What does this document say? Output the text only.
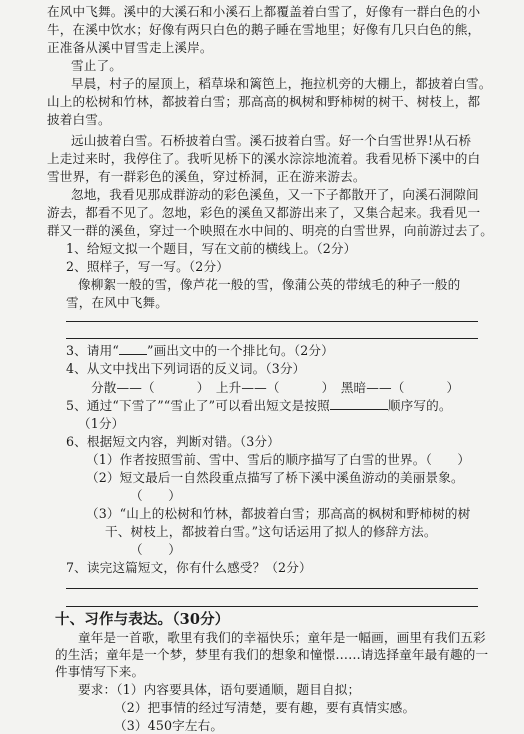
在风中飞舞。溪中的大溪石和小溪石上都覆盖着白雪了，好像有一群白色的小
牛，在溪中饮水；好像有两只白色的鹅子睡在雪地里；好像有几只白色的熊，
正准备从溪中冒雪走上溪岸。
雪止了。
早晨，村子的屋顶上，稻草垛和篱笆上，拖拉机旁的大棚上，都披着白雪。
山上的松树和竹林，都披着白雪；那高高的枫树和野柿树的树干、树枝上，都
披着白雪。
远山披着白雪。石桥披着白雪。溪石披着白雪。好一个白雪世界!从石桥
上走过来时，我停住了。我听见桥下的溪水淙淙地流着。我看见桥下溪中的白
雪世界，有一群彩色的溪鱼，穿过桥洞，正在游来游去。
忽地，我看见那成群游动的彩色溪鱼，又一下子都散开了，向溪石洞隙间
游去，都看不见了。忽地，彩色的溪鱼又都游出来了，又集合起来。我看见一
群又一群的溪鱼，穿过一个映照在水中间的、明亮的白雪世界，向前游过去了。
1、给短文拟一个题目，写在文前的横线上。（2分）
2、照样子，写一写。（2分）
像柳絮一般的雪，像芦花一般的雪，像蒲公英的带绒毛的种子一般的
雪，在风中飞舞。
3、请用“ ”画出文中的一个排比句。（2分）
4、从文中找出下列词语的反义词。（3分）
分散——（	）　上升——（	）　黑暗——（	）
5、通过“下雪了”“雪止了”可以看出短文是按照	顺序写的。
（1分）
6、根据短文内容，判断对错。（3分）
（1）作者按照雪前、雪中、雪后的顺序描写了白雪的世界。（　　）
（2）短文最后一自然段重点描写了桥下溪中溪鱼游动的美丽景象。
（　　）
（3）“山上的松树和竹林，都披着白雪；那高高的枫树和野柿树的树
干、树枝上，都披着白雪。”这句话运用了拟人的修辞方法。
（　　）
7、读完这篇短文，你有什么感受？（2分）
十、习作与表达。（30分）
童年是一首歌，歌里有我们的幸福快乐；童年是一幅画，画里有我们五彩
的生活；童年是一个梦，梦里有我们的想象和憧憬……请选择童年最有趣的一
件事情写下来。
要求：（1）内容要具体，语句要通顺，题目自拟；
（2）把事情的经过写清楚，要有趣，要有真情实感。
（3）450字左右。
